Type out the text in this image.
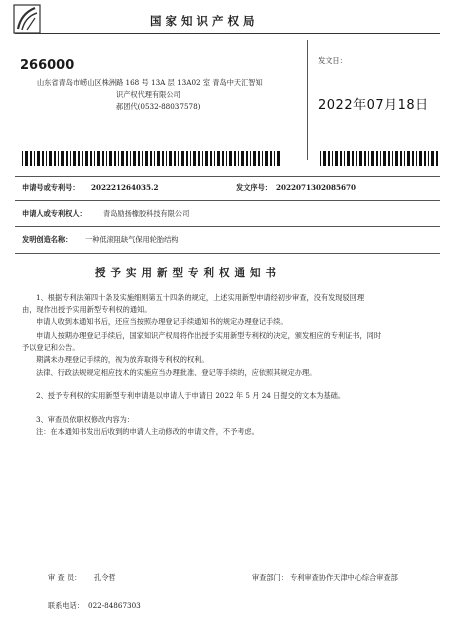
国家知识产权局
266000
山东省青岛市崂山区株洲路 168 号 13A 层 13A02 室 青岛中天汇智知
识产权代理有限公司
郝团代(0532-88037578)
发文日：
2022年07月18日
申请号或专利号： 202221264035.2	发文序号： 2022071302085670
申请人或专利权人： 青岛励扬橡胶科技有限公司
发明创造名称： 一种低滚阻缺气保用轮胎结构
授予实用新型专利权通知书
1、根据专利法第四十条及实施细则第五十四条的规定，上述实用新型申请经初步审查，没有发现驳回理
由，现作出授予实用新型专利权的通知。
申请人收到本通知书后，还应当按照办理登记手续通知书的规定办理登记手续。
申请人按期办理登记手续后，国家知识产权局将作出授予实用新型专利权的决定，颁发相应的专利证书，同时
予以登记和公告。
期满未办理登记手续的，视为放弃取得专利权的权利。
法律、行政法规规定相应技术的实施应当办理批准、登记等手续的，应依照其规定办理。
2、授予专利权的实用新型专利申请是以申请人于申请日 2022 年 5 月 24 日提交的文本为基础。
3、审查员依职权修改内容为：
注：在本通知书发出后收到的申请人主动修改的申请文件，不予考虑。
审 查 员： 孔令哲	审查部门： 专利审查协作天津中心综合审查部
联系电话： 022-84867303
